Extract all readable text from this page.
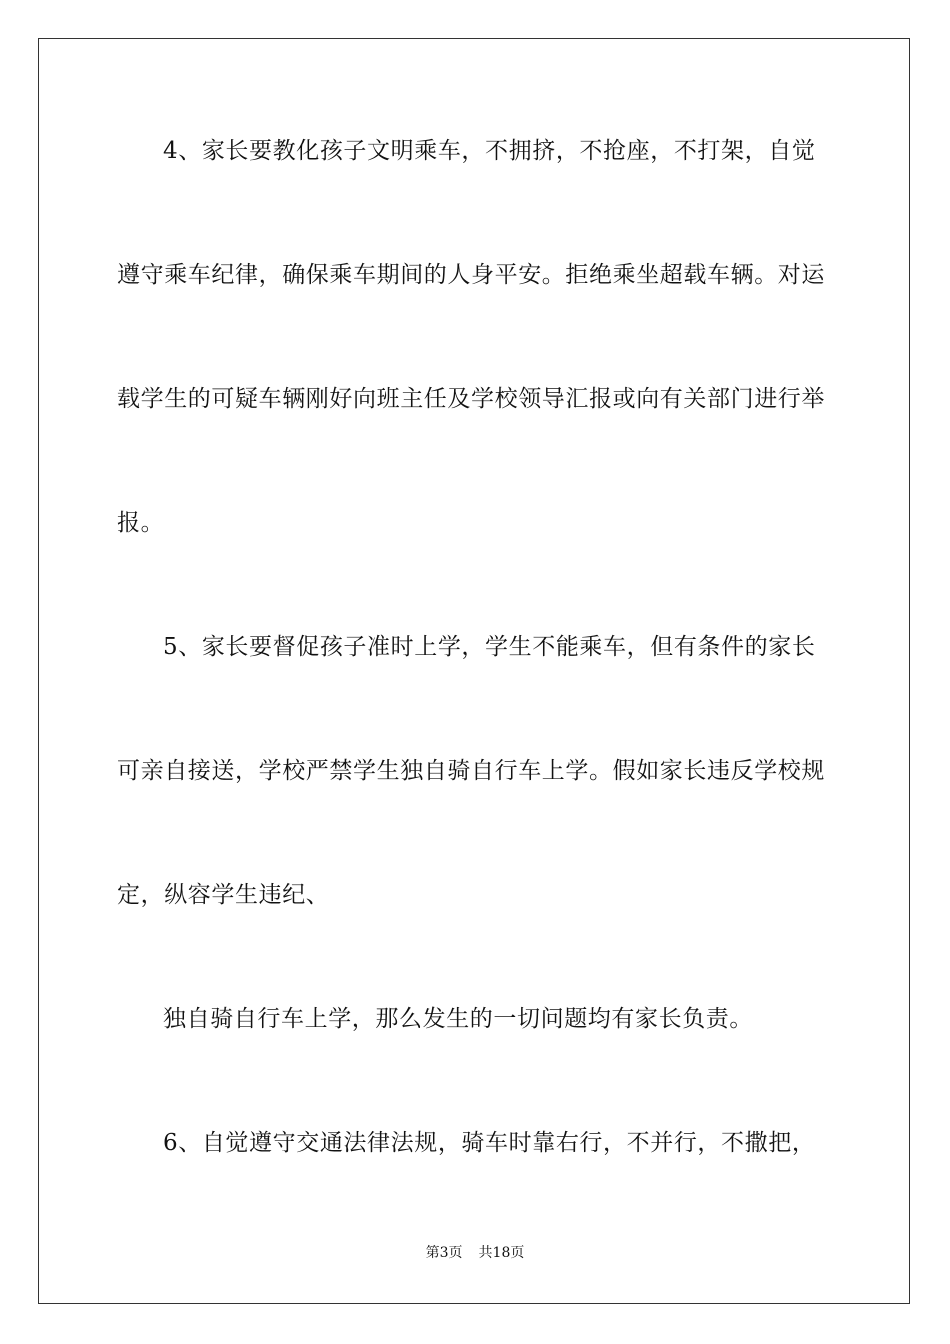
4、家长要教化孩子文明乘车，不拥挤，不抢座，不打架，自觉
遵守乘车纪律，确保乘车期间的人身平安。拒绝乘坐超载车辆。对运
载学生的可疑车辆刚好向班主任及学校领导汇报或向有关部门进行举
报。
5、家长要督促孩子准时上学，学生不能乘车，但有条件的家长
可亲自接送，学校严禁学生独自骑自行车上学。假如家长违反学校规
定，纵容学生违纪、
独自骑自行车上学，那么发生的一切问题均有家长负责。
6、自觉遵守交通法律法规，骑车时靠右行，不并行，不撒把，
第3页 共18页
